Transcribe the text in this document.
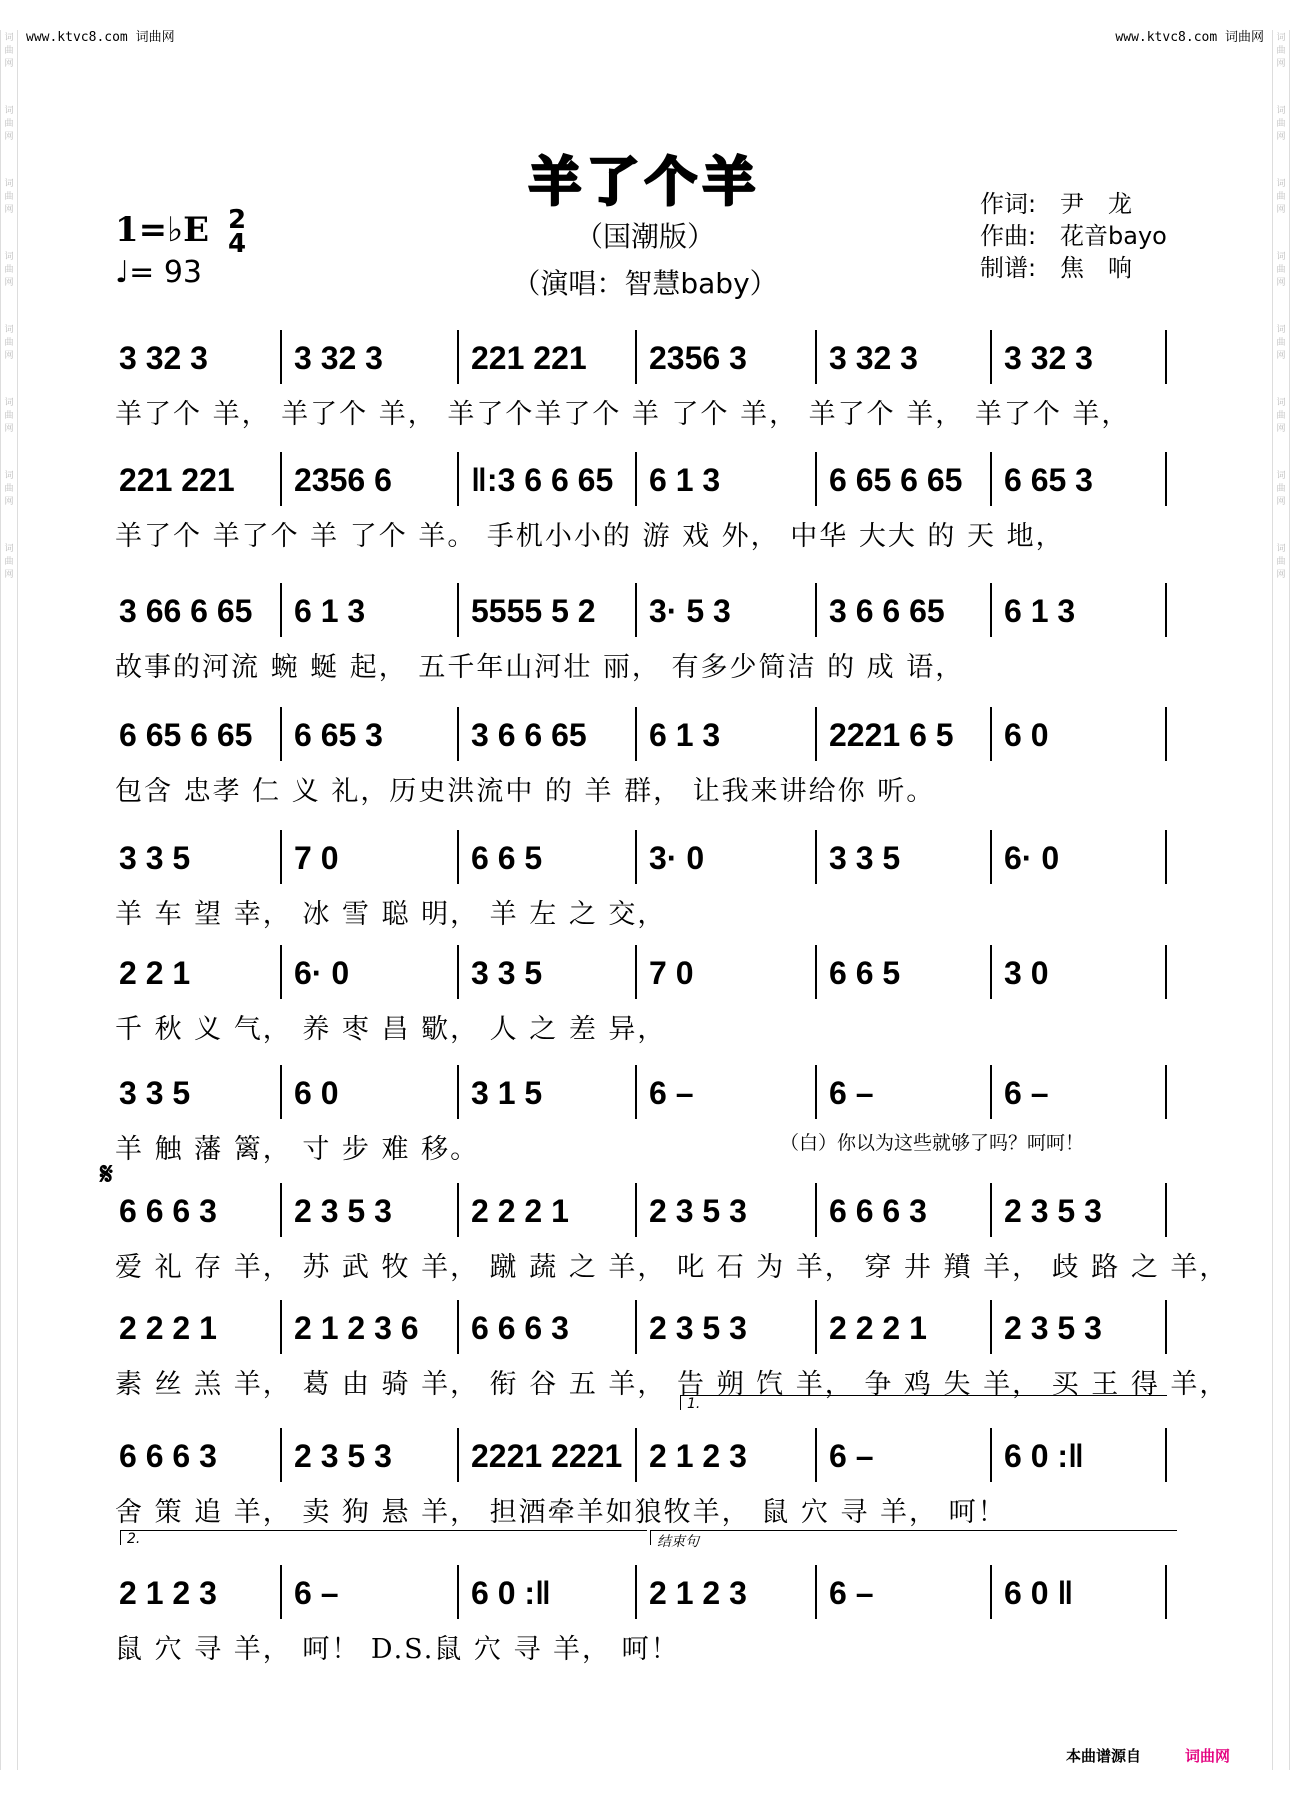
词曲网
词曲网
词曲网
词曲网
词曲网
词曲网
词曲网
词曲网
词曲网
词曲网
词曲网
词曲网
词曲网
词曲网
词曲网
词曲网
www.ktvc8.com 词曲网	www.ktvc8.com 词曲网
羊了个羊
（国潮版）
（演唱：智慧baby）
作词: 尹　龙
作曲: 花音bayo
制谱: 焦　响
1=♭E 2
4
♩= 93
3 32 3	3 32 3	221 221 2356 3	3 32 3	3 32 3
羊了个 羊， 羊了个 羊， 羊了个羊了个 羊 了个 羊， 羊了个 羊， 羊了个 羊，
221 221 2356 6 ‖:3 6 6 65 6 1 3	6 65 6 65 6 65 3
羊了个 羊了个 羊 了个 羊。 手机小小的 游 戏 外， 中华 大大 的 天 地，
3 66 6 65 6 1 3	5555 5 2 3· 5 3	3 6 6 65 6 1 3
故事的河流 蜿 蜒 起， 五千年山河壮 丽， 有多少简洁 的 成 语，
6 65 6 65 6 65 3	3 6 6 65 6 1 3	2221 6 5 6 0
包含 忠孝 仁 义 礼，历史洪流中 的 羊 群， 让我来讲给你 听。
3 3 5	7 0	6 6 5	3· 0	3 3 5	6· 0
羊 车 望 幸， 冰 雪 聪 明， 羊 左 之 交，
2 2 1	6· 0	3 3 5	7 0	6 6 5	3 0
千 秋 义 气， 养 枣 昌 歜， 人 之 差 异，
3 3 5	6 0	3 1 5	6 –	6 –	6 –
羊 触 藩 篱， 寸 步 难 移。
6 6 6 3 2 3 5 3 2 2 2 1	2 3 5 3	6 6 6 3 2 3 5 3
爱 礼 存 羊， 苏 武 牧 羊， 蹴 蔬 之 羊， 叱 石 为 羊， 穿 井 羵 羊， 歧 路 之 羊，
2 2 2 1 2 1 2 3 6 6 6 6 3	2 3 5 3	2 2 2 1 2 3 5 3
素 丝 羔 羊， 葛 由 骑 羊， 衔 谷 五 羊， 告 朔 饩 羊， 争 鸡 失 羊， 买 王 得 羊，
6 6 6 3 2 3 5 3 2221 2221 2 1 2 3	6 –	6 0 :‖
舍 策 追 羊， 卖 狗 悬 羊， 担酒牵羊如狼牧羊， 鼠 穴 寻 羊， 呵！
2 1 2 3 6 –	6 0 :‖	2 1 2 3	6 –	6 0 ‖
鼠 穴 寻 羊， 呵！ D.S.鼠 穴 寻 羊， 呵！
（白）你以为这些就够了吗？呵呵！
𝄋
1.
2.	结束句
本曲谱源自	词曲网
